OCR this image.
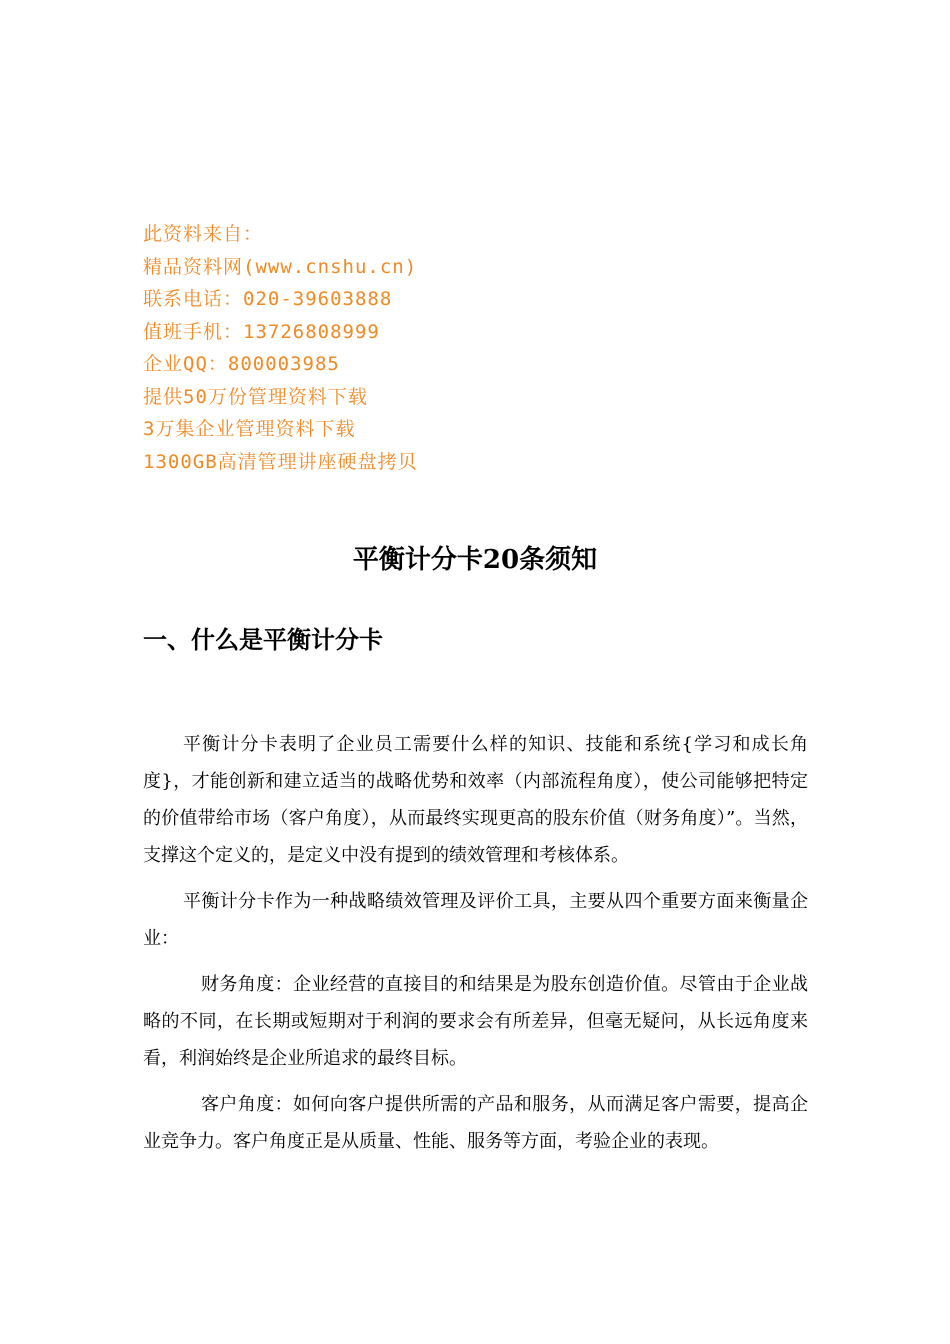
此资料来自：
精品资料网(www.cnshu.cn)
联系电话：020-39603888
值班手机：13726808999
企业QQ：800003985
提供50万份管理资料下载
3万集企业管理资料下载
1300GB高清管理讲座硬盘拷贝
平衡计分卡20条须知
一、什么是平衡计分卡

平衡计分卡表明了企业员工需要什么样的知识、技能和系统{学习和成长角度}，才能创新和建立适当的战略优势和效率（内部流程角度），使公司能够把特定的价值带给市场（客户角度），从而最终实现更高的股东价值（财务角度）”。当然，支撑这个定义的，是定义中没有提到的绩效管理和考核体系。

平衡计分卡作为一种战略绩效管理及评价工具，主要从四个重要方面来衡量企业：

财务角度：企业经营的直接目的和结果是为股东创造价值。尽管由于企业战略的不同，在长期或短期对于利润的要求会有所差异，但毫无疑问，从长远角度来看，利润始终是企业所追求的最终目标。

客户角度：如何向客户提供所需的产品和服务，从而满足客户需要，提高企业竞争力。客户角度正是从质量、性能、服务等方面，考验企业的表现。
